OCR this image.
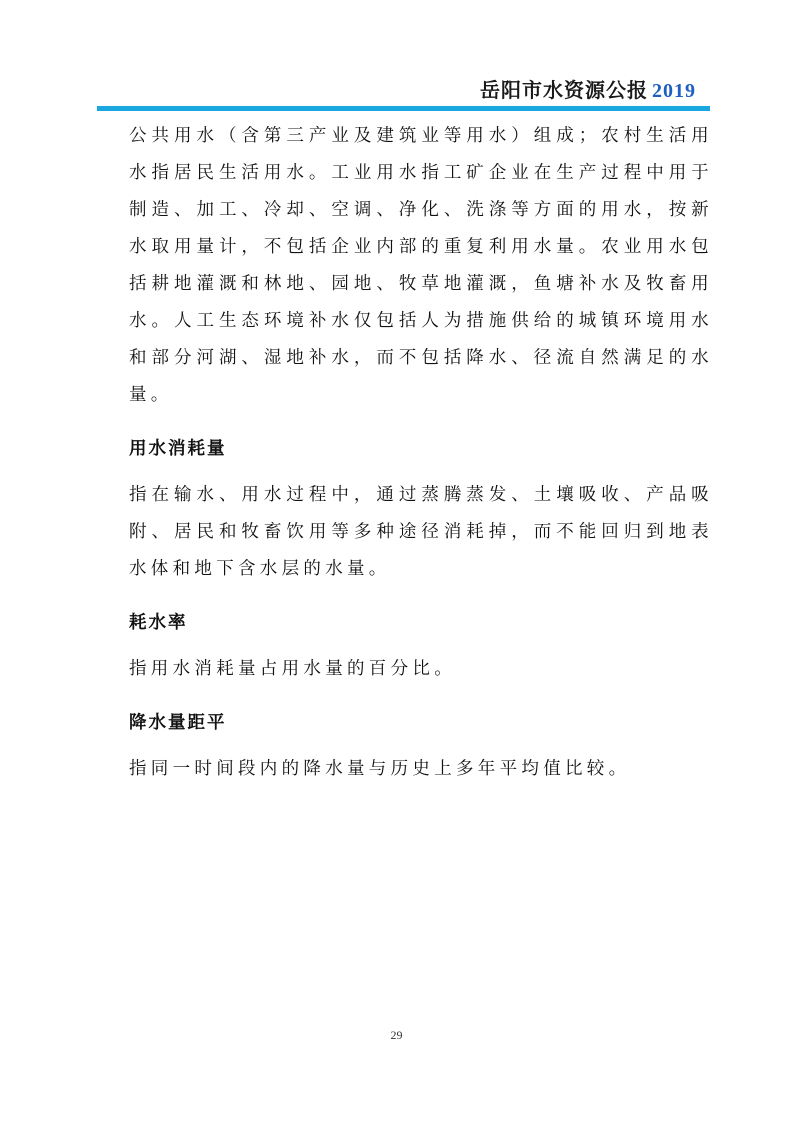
岳阳市水资源公报 2019

公共用水（含第三产业及建筑业等用水）组成；农村生活用水指居民生活用水。工业用水指工矿企业在生产过程中用于制造、加工、冷却、空调、净化、洗涤等方面的用水，按新水取用量计，不包括企业内部的重复利用水量。农业用水包括耕地灌溉和林地、园地、牧草地灌溉，鱼塘补水及牧畜用水。人工生态环境补水仅包括人为措施供给的城镇环境用水和部分河湖、湿地补水，而不包括降水、径流自然满足的水量。

用水消耗量

指在输水、用水过程中，通过蒸腾蒸发、土壤吸收、产品吸附、居民和牧畜饮用等多种途径消耗掉，而不能回归到地表水体和地下含水层的水量。

耗水率

指用水消耗量占用水量的百分比。

降水量距平

指同一时间段内的降水量与历史上多年平均值比较。

29
